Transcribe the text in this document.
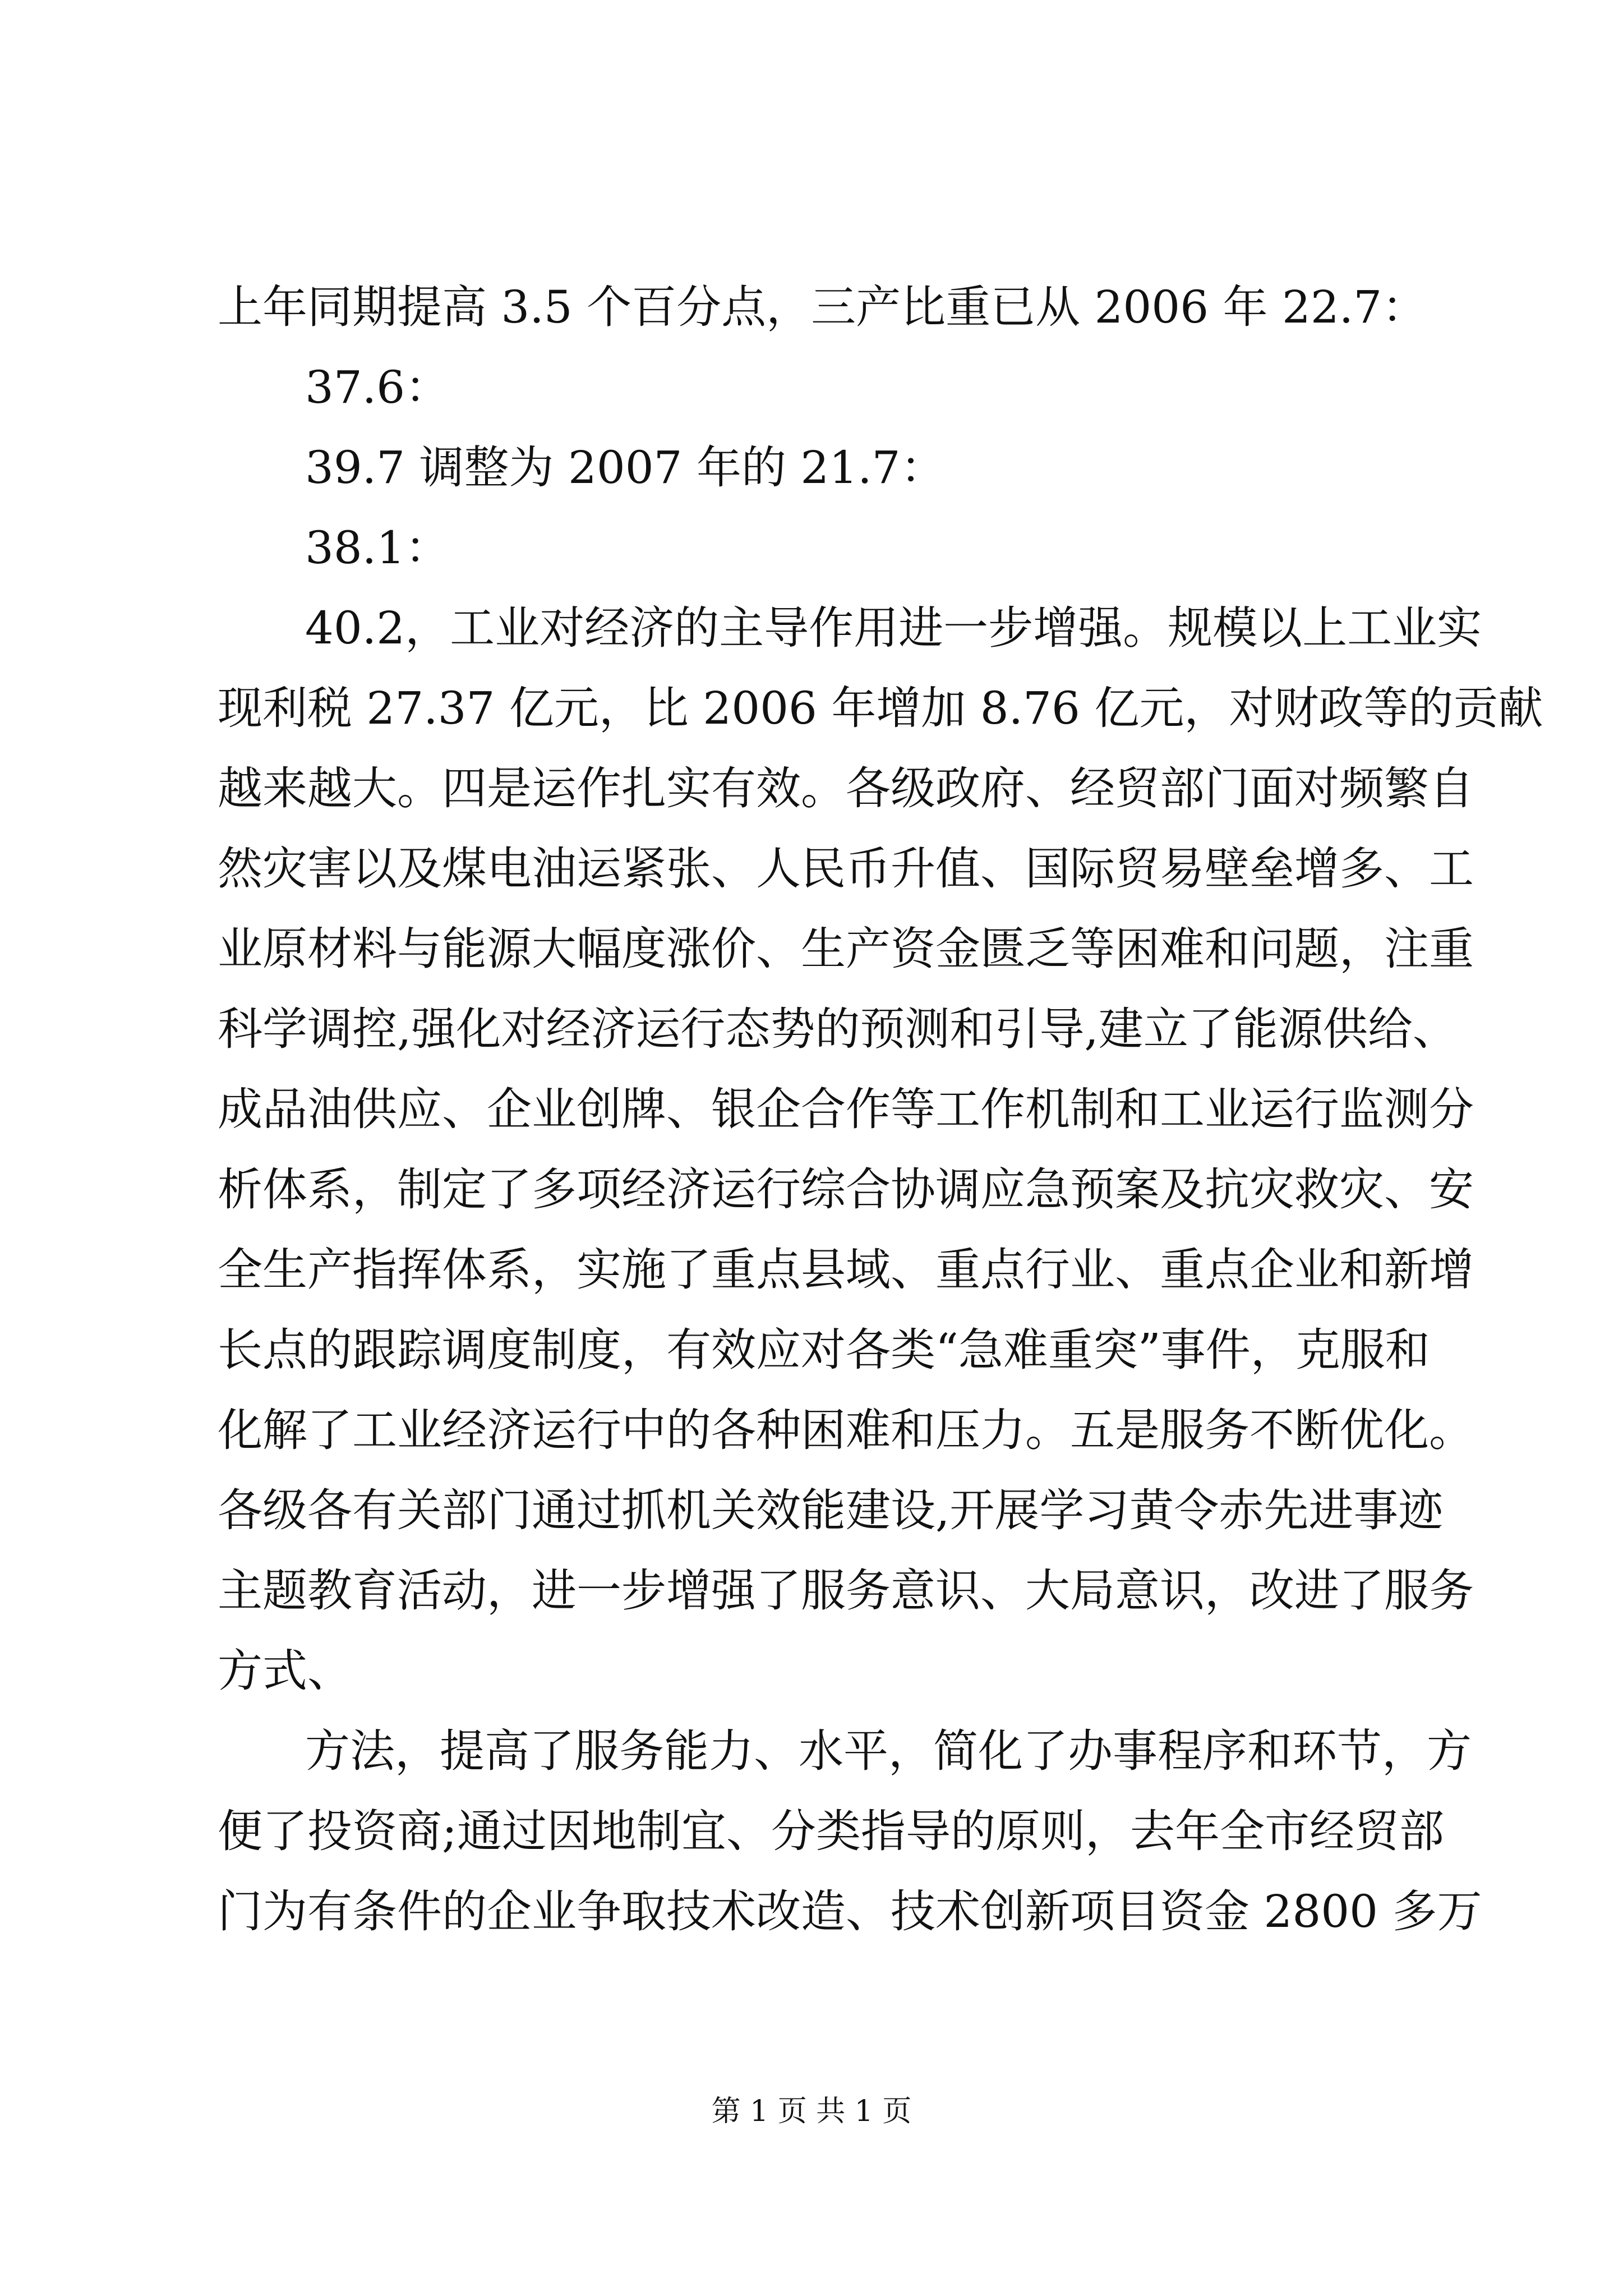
上年同期提高 3.5 个百分点，三产比重已从 2006 年 22.7：
37.6：
39.7 调整为 2007 年的 21.7：
38.1：
40.2，工业对经济的主导作用进一步增强。规模以上工业实
现利税 27.37 亿元，比 2006 年增加 8.76 亿元，对财政等的贡献
越来越大。四是运作扎实有效。各级政府、经贸部门面对频繁自
然灾害以及煤电油运紧张、人民币升值、国际贸易壁垒增多、工
业原材料与能源大幅度涨价、生产资金匮乏等困难和问题，注重
科学调控,强化对经济运行态势的预测和引导,建立了能源供给、
成品油供应、企业创牌、银企合作等工作机制和工业运行监测分
析体系，制定了多项经济运行综合协调应急预案及抗灾救灾、安
全生产指挥体系，实施了重点县域、重点行业、重点企业和新增
长点的跟踪调度制度，有效应对各类“急难重突”事件，克服和
化解了工业经济运行中的各种困难和压力。五是服务不断优化。
各级各有关部门通过抓机关效能建设,开展学习黄令赤先进事迹
主题教育活动，进一步增强了服务意识、大局意识，改进了服务
方式、
方法，提高了服务能力、水平，简化了办事程序和环节，方
便了投资商;通过因地制宜、分类指导的原则，去年全市经贸部
门为有条件的企业争取技术改造、技术创新项目资金 2800 多万
第 1 页 共 1 页
